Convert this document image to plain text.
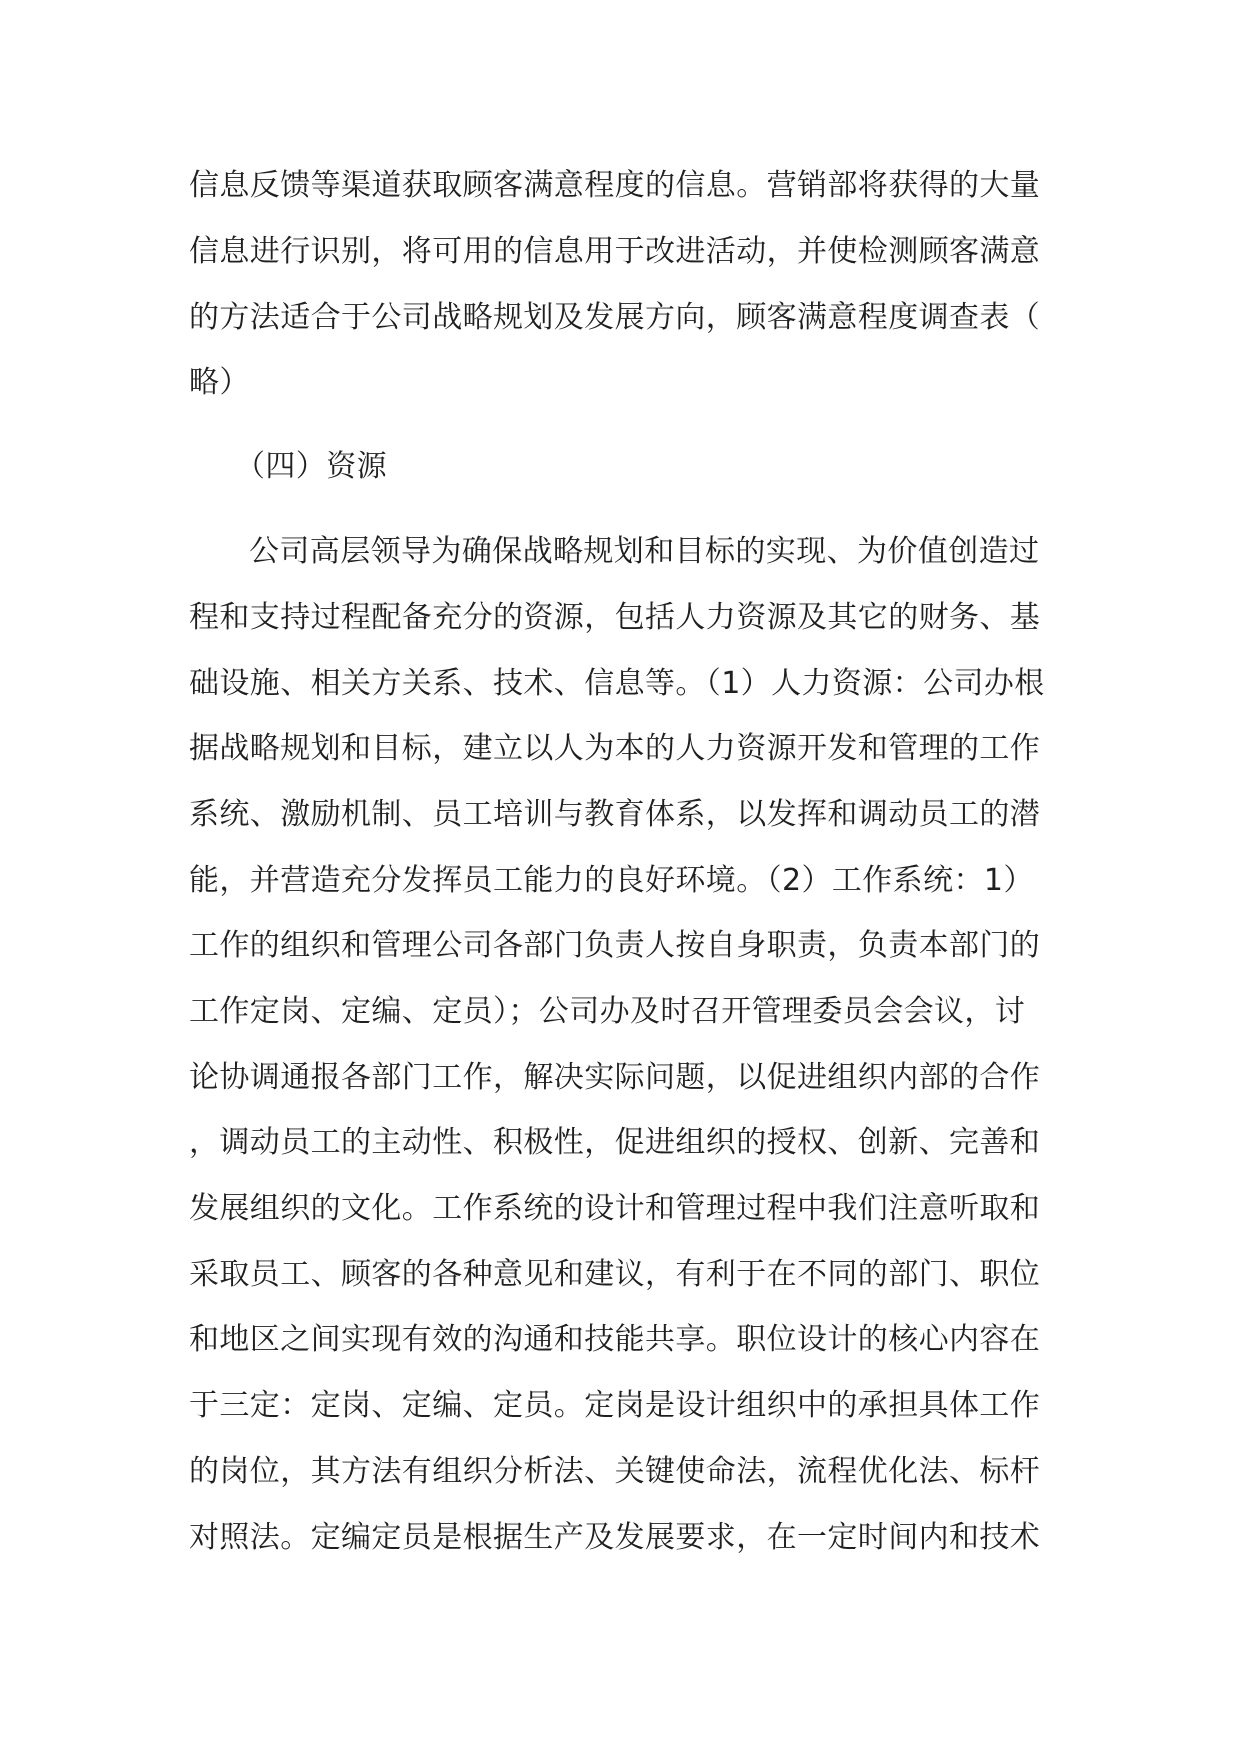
信息反馈等渠道获取顾客满意程度的信息。营销部将获得的大量
信息进行识别，将可用的信息用于改进活动，并使检测顾客满意
的方法适合于公司战略规划及发展方向，顾客满意程度调查表（
略）
（四）资源
公司高层领导为确保战略规划和目标的实现、为价值创造过
程和支持过程配备充分的资源，包括人力资源及其它的财务、基
础设施、相关方关系、技术、信息等。（1）人力资源：公司办根
据战略规划和目标，建立以人为本的人力资源开发和管理的工作
系统、激励机制、员工培训与教育体系，以发挥和调动员工的潜
能，并营造充分发挥员工能力的良好环境。（2）工作系统：1）
工作的组织和管理公司各部门负责人按自身职责，负责本部门的
工作定岗、定编、定员）；公司办及时召开管理委员会会议，讨
论协调通报各部门工作，解决实际问题，以促进组织内部的合作
，调动员工的主动性、积极性，促进组织的授权、创新、完善和
发展组织的文化。工作系统的设计和管理过程中我们注意听取和
采取员工、顾客的各种意见和建议，有利于在不同的部门、职位
和地区之间实现有效的沟通和技能共享。职位设计的核心内容在
于三定：定岗、定编、定员。定岗是设计组织中的承担具体工作
的岗位，其方法有组织分析法、关键使命法，流程优化法、标杆
对照法。定编定员是根据生产及发展要求，在一定时间内和技术
